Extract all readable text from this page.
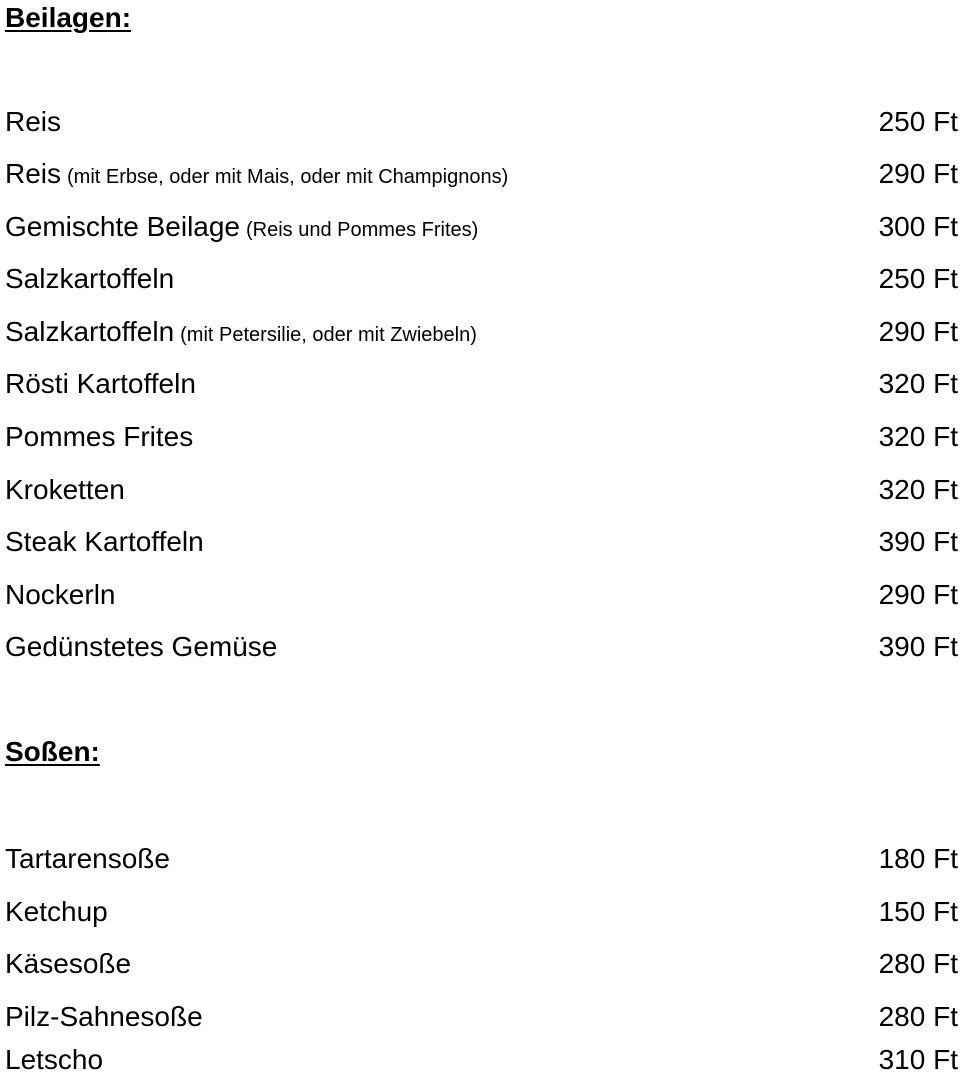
Beilagen:
Reis	250 Ft
Reis (mit Erbse, oder mit Mais, oder mit Champignons)	290 Ft
Gemischte Beilage (Reis und Pommes Frites)	300 Ft
Salzkartoffeln	250 Ft
Salzkartoffeln (mit Petersilie, oder mit Zwiebeln)	290 Ft
Rösti Kartoffeln	320 Ft
Pommes Frites	320 Ft
Kroketten	320 Ft
Steak Kartoffeln	390 Ft
Nockerln	290 Ft
Gedünstetes Gemüse	390 Ft
Soßen:
Tartarensoße	180 Ft
Ketchup	150 Ft
Käsesoße	280 Ft
Pilz-Sahnesoße	280 Ft
Letscho	310 Ft
